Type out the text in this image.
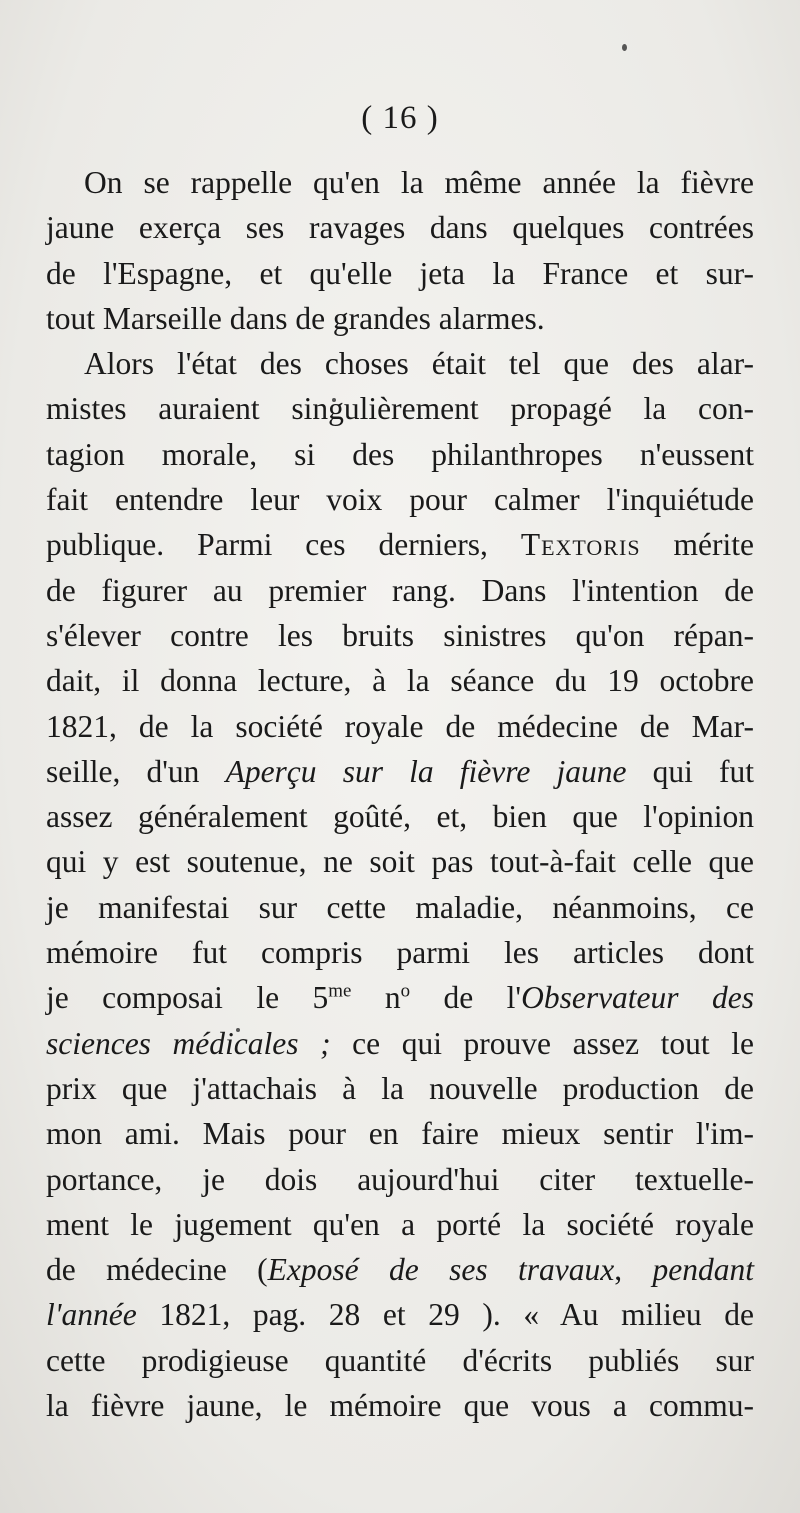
( 16 )
On se rappelle qu'en la même année la fièvre
jaune exerça ses ravages dans quelques contrées
de l'Espagne, et qu'elle jeta la France et sur-
tout Marseille dans de grandes alarmes.
Alors l'état des choses était tel que des alar-
mistes auraient singulièrement propagé la con-
tagion morale, si des philanthropes n'eussent
fait entendre leur voix pour calmer l'inquiétude
publique. Parmi ces derniers, Textoris mérite
de figurer au premier rang. Dans l'intention de
s'élever contre les bruits sinistres qu'on répan-
dait, il donna lecture, à la séance du 19 octobre
1821, de la société royale de médecine de Mar-
seille, d'un Aperçu sur la fièvre jaune qui fut
assez généralement goûté, et, bien que l'opinion
qui y est soutenue, ne soit pas tout-à-fait celle que
je manifestai sur cette maladie, néanmoins, ce
mémoire fut compris parmi les articles dont
je composai le $5^{me}$ $n^o$ de l'Observateur des
sciences médicales ; ce qui prouve assez tout le
prix que j'attachais à la nouvelle production de
mon ami. Mais pour en faire mieux sentir l'im-
portance, je dois aujourd'hui citer textuelle-
ment le jugement qu'en a porté la société royale
de médecine (Exposé de ses travaux, pendant
l'année 1821, pag. 28 et 29 ). « Au milieu de
cette prodigieuse quantité d'écrits publiés sur
la fièvre jaune, le mémoire que vous a commu-
